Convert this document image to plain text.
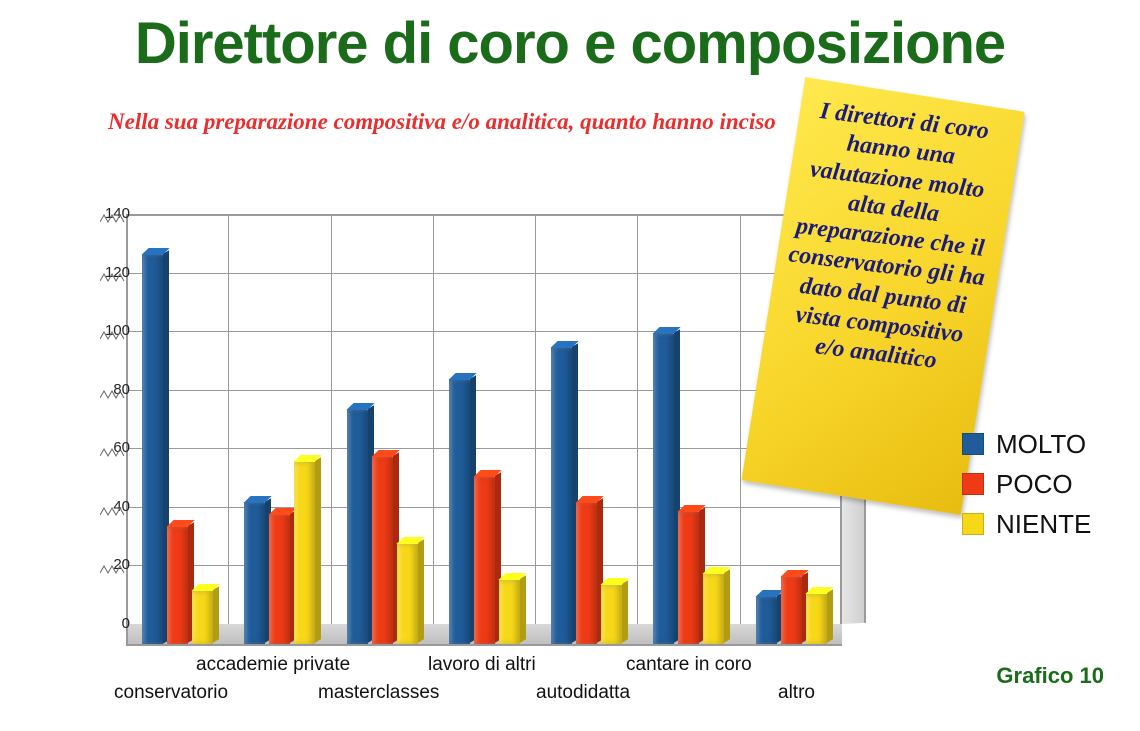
Direttore di coro e composizione
Nella sua preparazione compositiva e/o analitica, quanto hanno inciso	I direttori di coro hanno una valutazione molto alta della preparazione che il conservatorio gli ha dato dal punto di vista compositivo e/o analitico
MOLTO
POCO
NIENTE
0
20
40
60
80
100
120
140
conservatorio
accademie private
masterclasses
lavoro di altri
autodidatta
cantare in coro
altro
Grafico 10
